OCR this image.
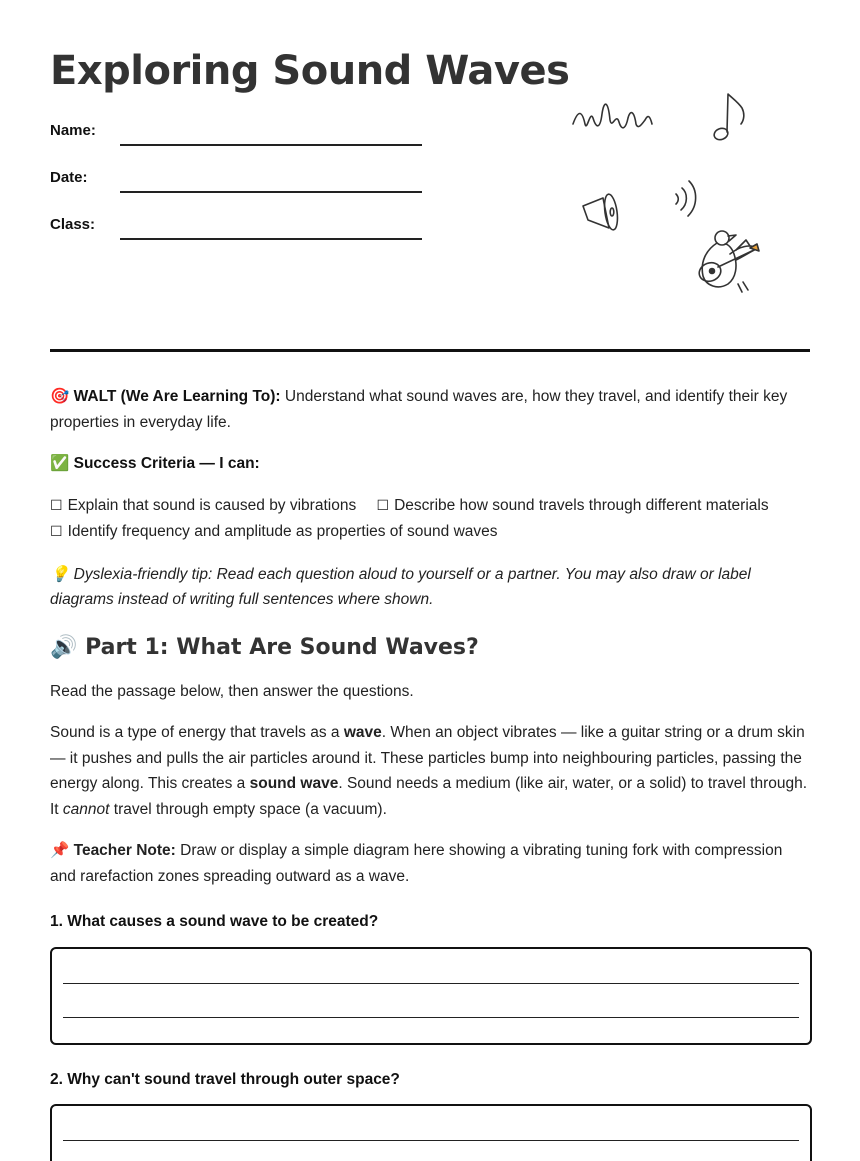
Exploring Sound Waves
Name:
Date:
Class:

🎯 WALT (We Are Learning To): Understand what sound waves are, how they travel, and identify their key properties in everyday life.

✅ Success Criteria — I can:

☐ Explain that sound is caused by vibrations ☐ Describe how sound travels through different materials
☐ Identify frequency and amplitude as properties of sound waves

💡 Dyslexia-friendly tip: Read each question aloud to yourself or a partner. You may also draw or label diagrams instead of writing full sentences where shown.

🔊 Part 1: What Are Sound Waves?

Read the passage below, then answer the questions.

Sound is a type of energy that travels as a wave. When an object vibrates — like a guitar string or a drum skin — it pushes and pulls the air particles around it. These particles bump into neighbouring particles, passing the energy along. This creates a sound wave. Sound needs a medium (like air, water, or a solid) to travel through. It cannot travel through empty space (a vacuum).

📌 Teacher Note: Draw or display a simple diagram here showing a vibrating tuning fork with compression and rarefaction zones spreading outward as a wave.

1. What causes a sound wave to be created?

2. Why can't sound travel through outer space?
